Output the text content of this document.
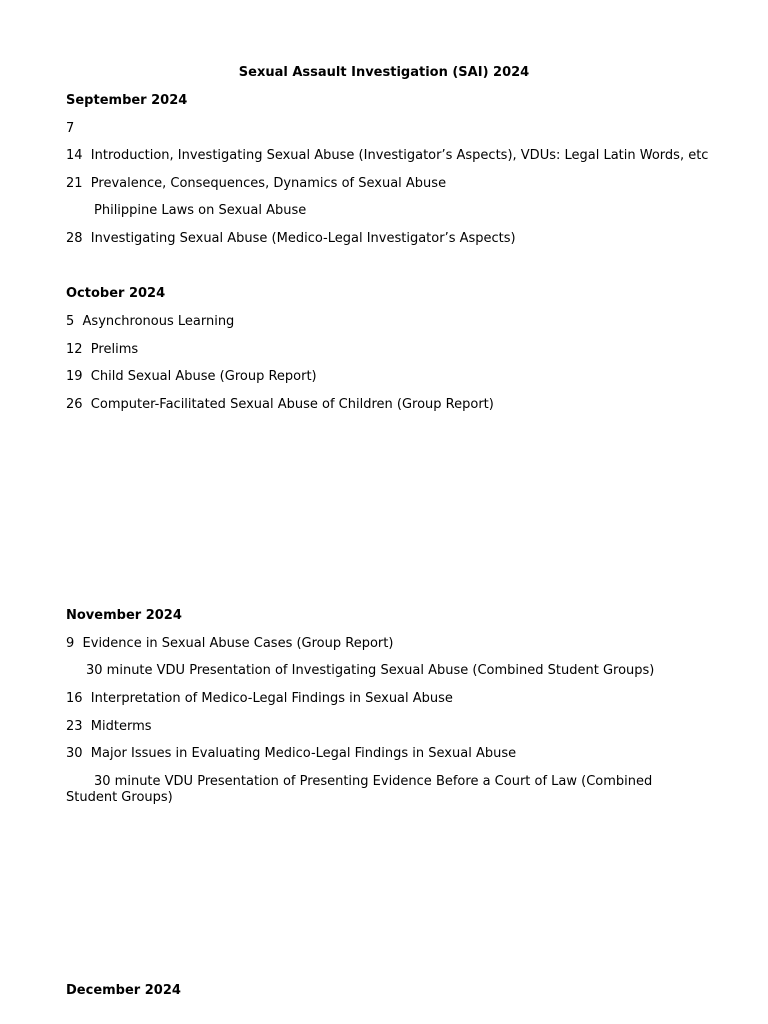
Sexual Assault Investigation (SAI) 2024
September 2024
7
14  Introduction, Investigating Sexual Abuse (Investigator’s Aspects), VDUs: Legal Latin Words, etc
21  Prevalence, Consequences, Dynamics of Sexual Abuse
Philippine Laws on Sexual Abuse
28  Investigating Sexual Abuse (Medico-Legal Investigator’s Aspects)
October 2024
5  Asynchronous Learning
12  Prelims
19  Child Sexual Abuse (Group Report)
26  Computer-Facilitated Sexual Abuse of Children (Group Report)
November 2024
9  Evidence in Sexual Abuse Cases (Group Report)
30 minute VDU Presentation of Investigating Sexual Abuse (Combined Student Groups)
16  Interpretation of Medico-Legal Findings in Sexual Abuse
23  Midterms
30  Major Issues in Evaluating Medico-Legal Findings in Sexual Abuse
30 minute VDU Presentation of Presenting Evidence Before a Court of Law (Combined Student Groups)
December 2024
